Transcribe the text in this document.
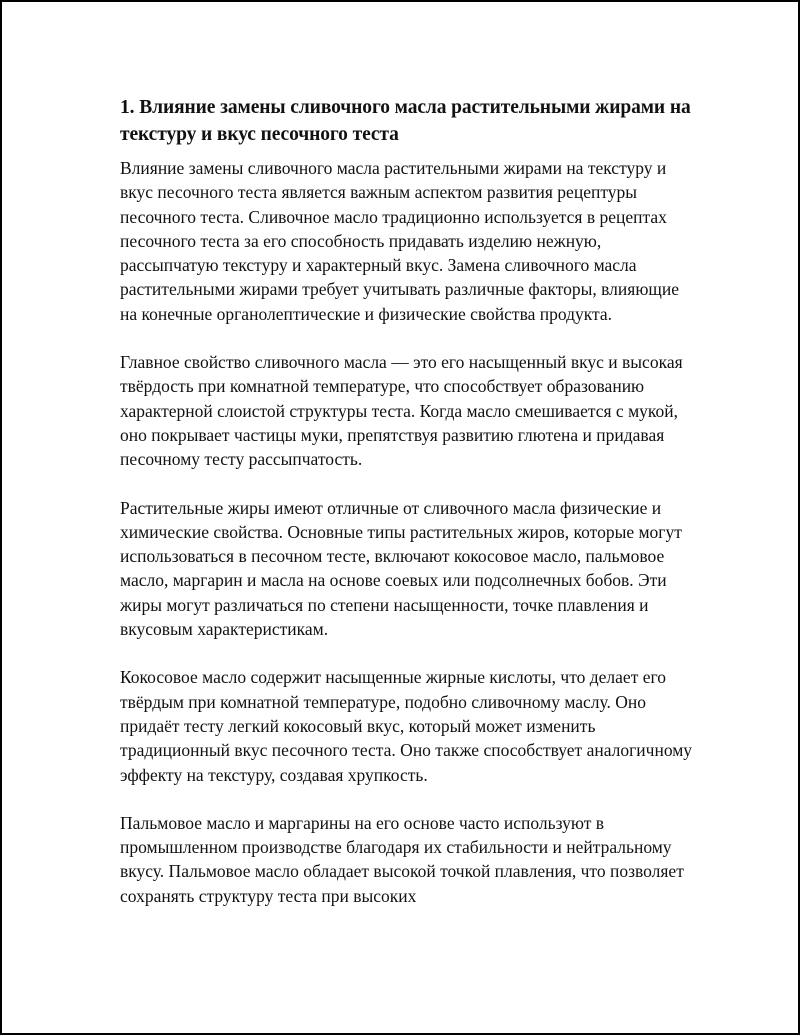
1. Влияние замены сливочного масла растительными жирами на текстуру и вкус песочного теста

Влияние замены сливочного масла растительными жирами на текстуру и вкус песочного теста является важным аспектом развития рецептуры песочного теста. Сливочное масло традиционно используется в рецептах песочного теста за его способность придавать изделию нежную, рассыпчатую текстуру и характерный вкус. Замена сливочного масла растительными жирами требует учитывать различные факторы, влияющие на конечные органолептические и физические свойства продукта.

Главное свойство сливочного масла — это его насыщенный вкус и высокая твёрдость при комнатной температуре, что способствует образованию характерной слоистой структуры теста. Когда масло смешивается с мукой, оно покрывает частицы муки, препятствуя развитию глютена и придавая песочному тесту рассыпчатость.

Растительные жиры имеют отличные от сливочного масла физические и химические свойства. Основные типы растительных жиров, которые могут использоваться в песочном тесте, включают кокосовое масло, пальмовое масло, маргарин и масла на основе соевых или подсолнечных бобов. Эти жиры могут различаться по степени насыщенности, точке плавления и вкусовым характеристикам.

Кокосовое масло содержит насыщенные жирные кислоты, что делает его твёрдым при комнатной температуре, подобно сливочному маслу. Оно придаёт тесту легкий кокосовый вкус, который может изменить традиционный вкус песочного теста. Оно также способствует аналогичному эффекту на текстуру, создавая хрупкость.

Пальмовое масло и маргарины на его основе часто используют в промышленном производстве благодаря их стабильности и нейтральному вкусу. Пальмовое масло обладает высокой точкой плавления, что позволяет сохранять структуру теста при высоких
